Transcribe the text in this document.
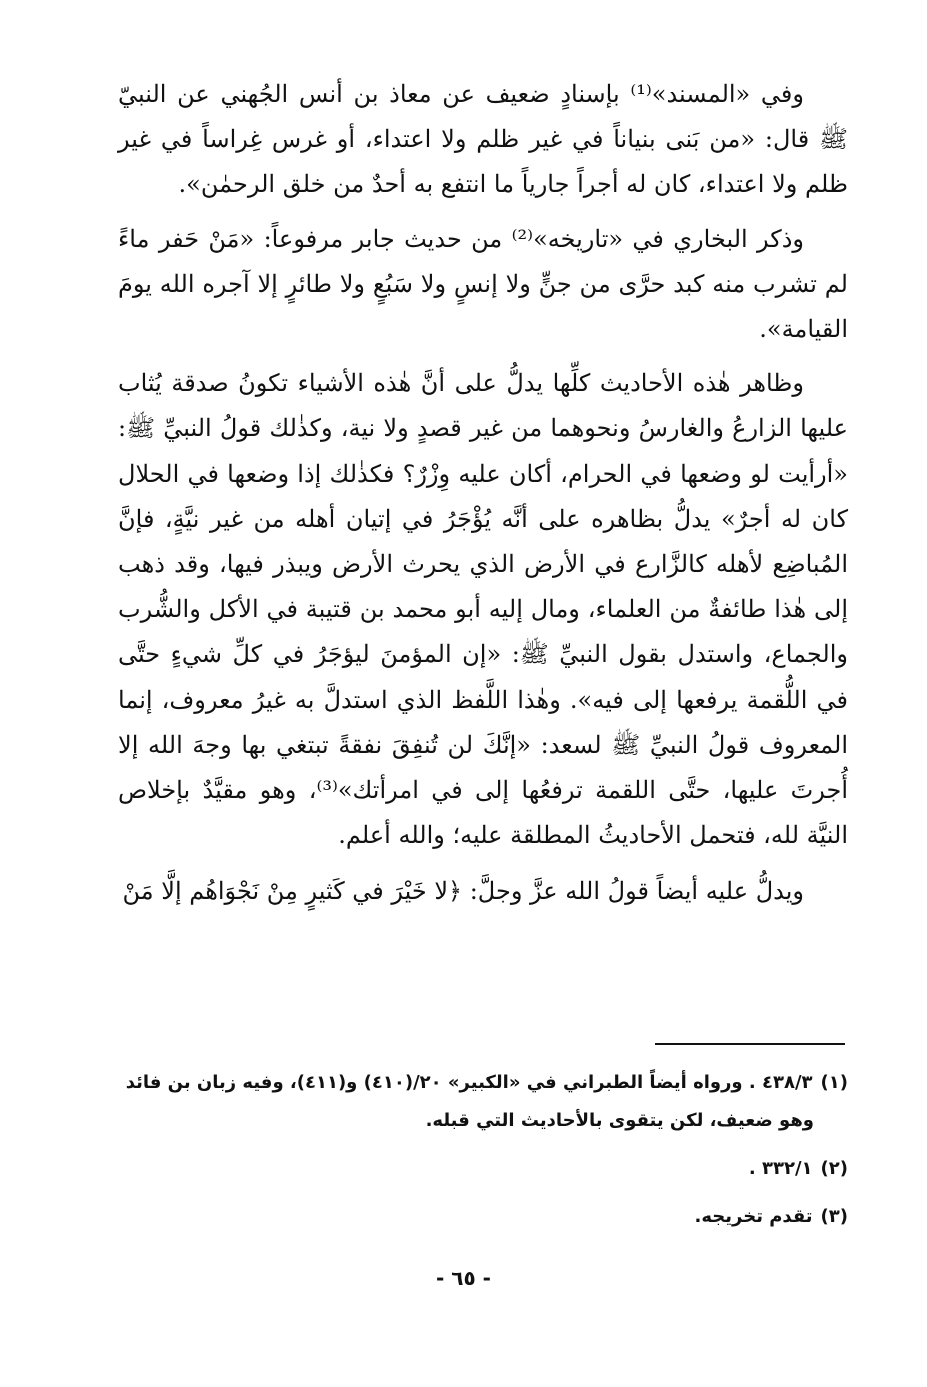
وفي «المسند»⁽¹⁾ بإسنادٍ ضعيف عن معاذ بن أنس الجُهني عن النبيّ ﷺ قال: «من بَنى بنياناً في غير ظلم ولا اعتداء، أو غرس غِراساً في غير ظلم ولا اعتداء، كان له أجراً جارياً ما انتفع به أحدٌ من خلق الرحمٰن».

وذكر البخاري في «تاريخه»⁽²⁾ من حديث جابر مرفوعاً: «مَنْ حَفر ماءً لم تشرب منه كبد حرَّى من جنٍّ ولا إنسٍ ولا سَبُعٍ ولا طائرٍ إلا آجره الله يومَ القيامة».

وظاهر هٰذه الأحاديث كلِّها يدلُّ على أنَّ هٰذه الأشياء تكونُ صدقة يُثاب عليها الزارعُ والغارسُ ونحوهما من غير قصدٍ ولا نية، وكذٰلك قولُ النبيِّ ﷺ: «أرأيت لو وضعها في الحرام، أكان عليه وِزْرٌ؟ فكذٰلك إذا وضعها في الحلال كان له أجرٌ» يدلُّ بظاهره على أنَّه يُؤْجَرُ في إتيان أهله من غير نيَّةٍ، فإنَّ المُباضِع لأهله كالزَّارع في الأرض الذي يحرث الأرض ويبذر فيها، وقد ذهب إلى هٰذا طائفةٌ من العلماء، ومال إليه أبو محمد بن قتيبة في الأكل والشُّرب والجماع، واستدل بقول النبيِّ ﷺ: «إن المؤمنَ ليؤجَرُ في كلِّ شيءٍ حتَّى في اللُّقمة يرفعها إلى فيه». وهٰذا اللَّفظ الذي استدلَّ به غيرُ معروف، إنما المعروف قولُ النبيِّ ﷺ لسعد: «إنَّكَ لن تُنفِقَ نفقةً تبتغي بها وجهَ الله إلا أُجرتَ عليها، حتَّى اللقمة ترفعُها إلى في امرأتك»⁽³⁾، وهو مقيَّدٌ بإخلاص النيَّة لله، فتحمل الأحاديثُ المطلقة عليه؛ والله أعلم.

ويدلُّ عليه أيضاً قولُ الله عزَّ وجلَّ: ﴿لا خَيْرَ في كَثيرٍ مِنْ نَجْوَاهُم إلَّا مَنْ

(١)٤٣٨/٣ . ورواه أيضاً الطبراني في «الكبير» ٢٠/(٤١٠) و(٤١١)، وفيه زبان بن فائد
وهو ضعيف، لكن يتقوى بالأحاديث التي قبله.

(٢)٣٣٢/١ .

(٣)تقدم تخريجه.

- ٦٥ -
